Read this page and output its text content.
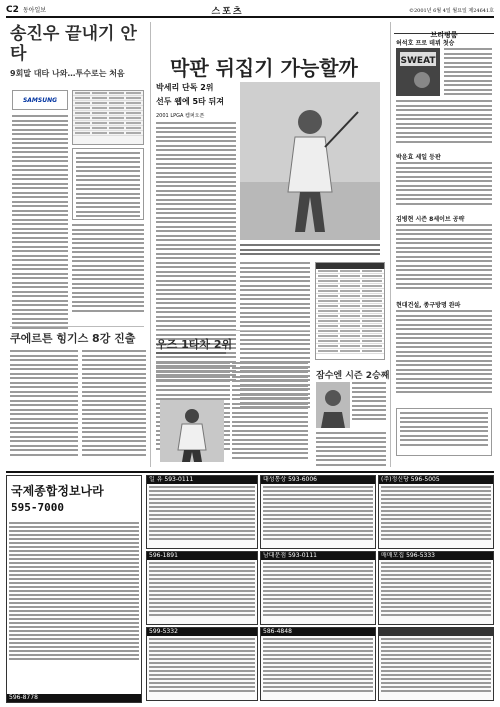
C2 동아일보	스포츠	©2001년 6월 4일 월요일 제24641호
송진우 끝내기 안타
9회말 대타 나와…투수로는 처음
SAMSUNG
쿠에르튼 힝기스 8강 진출
막판 뒤집기 가능할까
박세리 단독 2위
선두 웹에 5타 뒤져
2001 LPGA 켐퍼오픈
우즈 1타차 2위
잠수엔 시즌 2승째
브리핑룸
허석호 프로 데뷔 첫승
SWEAT
박윤효 세일 등판
김병현 시즌 8세이브 공략
현대건설, 종구방명 완파
국제종합정보나라
595-7000
596-8778
일 유 593-0111	대성통상 593-6006	(주)정신당 596-5005
596-1891	남대문점 593-0111	매매모집 596-5333
599-5332	586-4848
